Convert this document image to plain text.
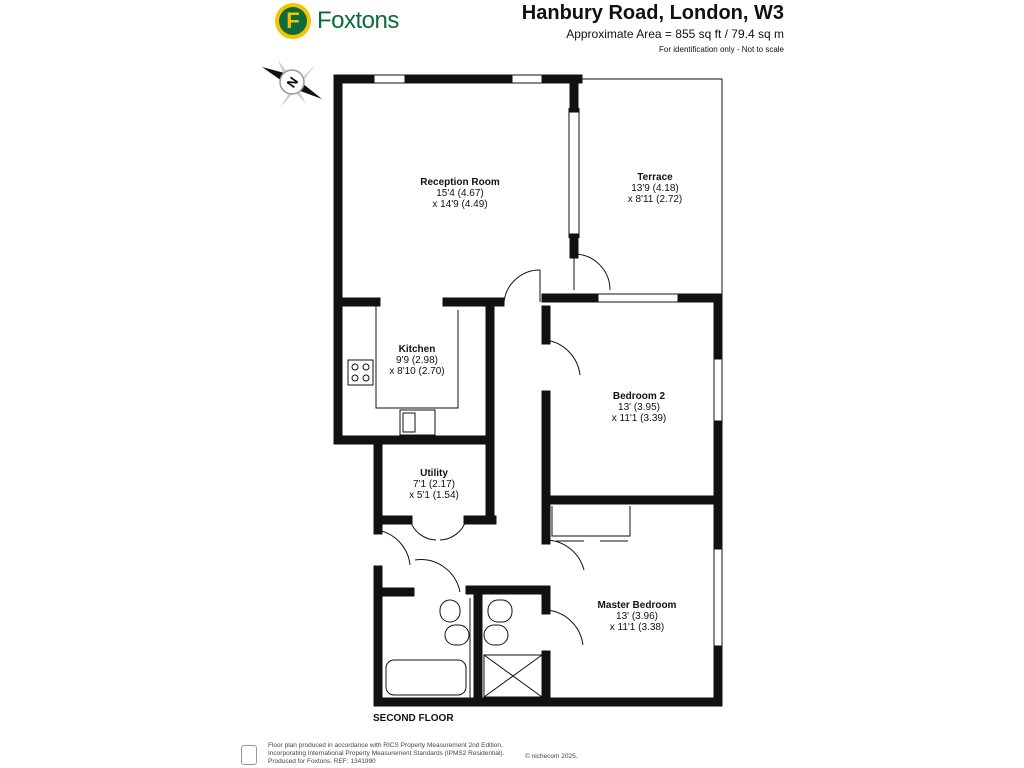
F Foxtons	Hanbury Road, London, W3
Approximate Area = 855 sq ft / 79.4 sq m
For identification only - Not to scale
N
Reception Room
15'4 (4.67)
x 14'9 (4.49)
Terrace
13'9 (4.18)
x 8'11 (2.72)
Kitchen
9'9 (2.98)
x 8'10 (2.70)
Bedroom 2
13' (3.95)
x 11'1 (3.39)
Utility
7'1 (2.17)
x 5'1 (1.54)
Master Bedroom
13' (3.96)
x 11'1 (3.38)
SECOND FLOOR
Floor plan produced in accordance with RICS Property Measurement 2nd Edition,
Incorporating International Property Measurement Standards (IPMS2 Residential).
Produced for Foxtons. REF: 1341990
© nichecom 2025.
